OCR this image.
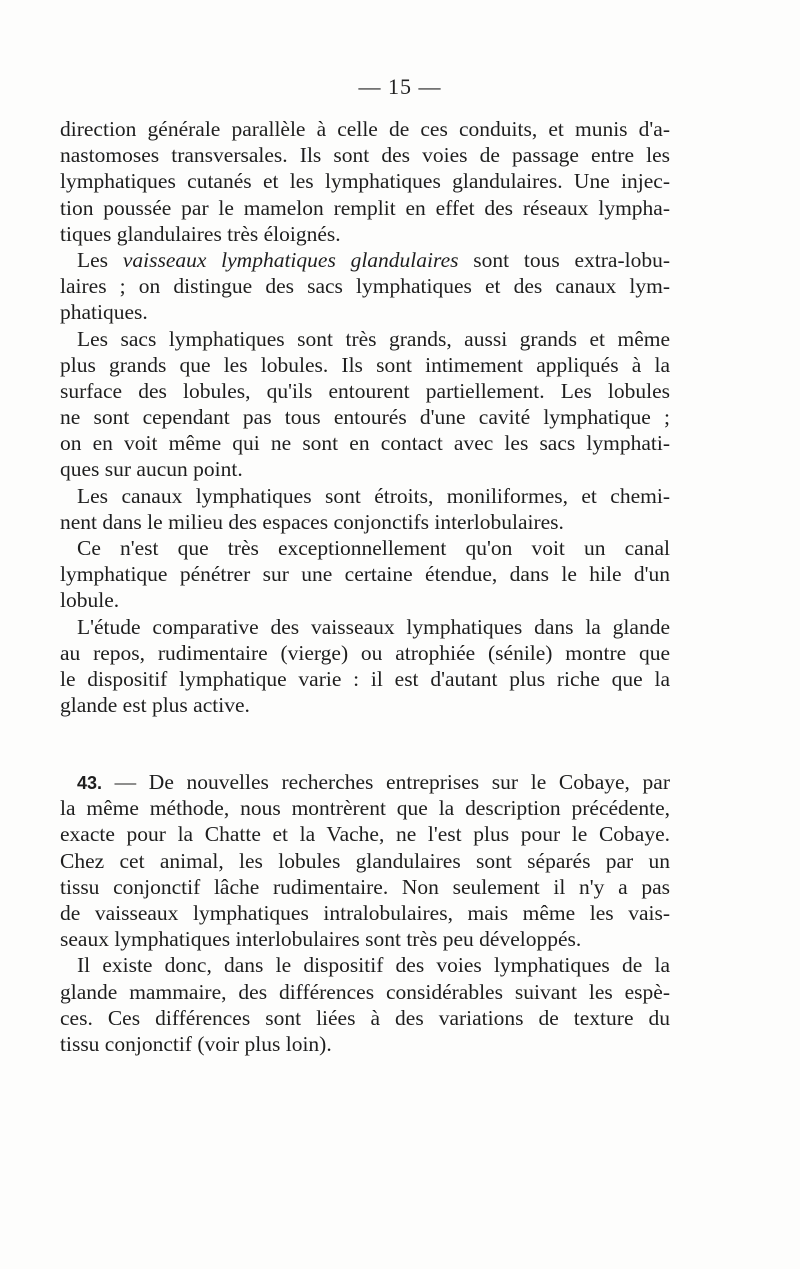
— 15 —
direction générale parallèle à celle de ces conduits, et munis d'a-
nastomoses transversales. Ils sont des voies de passage entre les
lymphatiques cutanés et les lymphatiques glandulaires. Une injec-
tion poussée par le mamelon remplit en effet des réseaux lympha-
tiques glandulaires très éloignés.
Les vaisseaux lymphatiques glandulaires sont tous extra-lobu-
laires ; on distingue des sacs lymphatiques et des canaux lym-
phatiques.
Les sacs lymphatiques sont très grands, aussi grands et même
plus grands que les lobules. Ils sont intimement appliqués à la
surface des lobules, qu'ils entourent partiellement. Les lobules
ne sont cependant pas tous entourés d'une cavité lymphatique ;
on en voit même qui ne sont en contact avec les sacs lymphati-
ques sur aucun point.
Les canaux lymphatiques sont étroits, moniliformes, et chemi-
nent dans le milieu des espaces conjonctifs interlobulaires.
Ce n'est que très exceptionnellement qu'on voit un canal
lymphatique pénétrer sur une certaine étendue, dans le hile d'un
lobule.
L'étude comparative des vaisseaux lymphatiques dans la glande
au repos, rudimentaire (vierge) ou atrophiée (sénile) montre que
le dispositif lymphatique varie : il est d'autant plus riche que la
glande est plus active.
43. — De nouvelles recherches entreprises sur le Cobaye, par
la même méthode, nous montrèrent que la description précédente,
exacte pour la Chatte et la Vache, ne l'est plus pour le Cobaye.
Chez cet animal, les lobules glandulaires sont séparés par un
tissu conjonctif lâche rudimentaire. Non seulement il n'y a pas
de vaisseaux lymphatiques intralobulaires, mais même les vais-
seaux lymphatiques interlobulaires sont très peu développés.
Il existe donc, dans le dispositif des voies lymphatiques de la
glande mammaire, des différences considérables suivant les espè-
ces. Ces différences sont liées à des variations de texture du
tissu conjonctif (voir plus loin).
